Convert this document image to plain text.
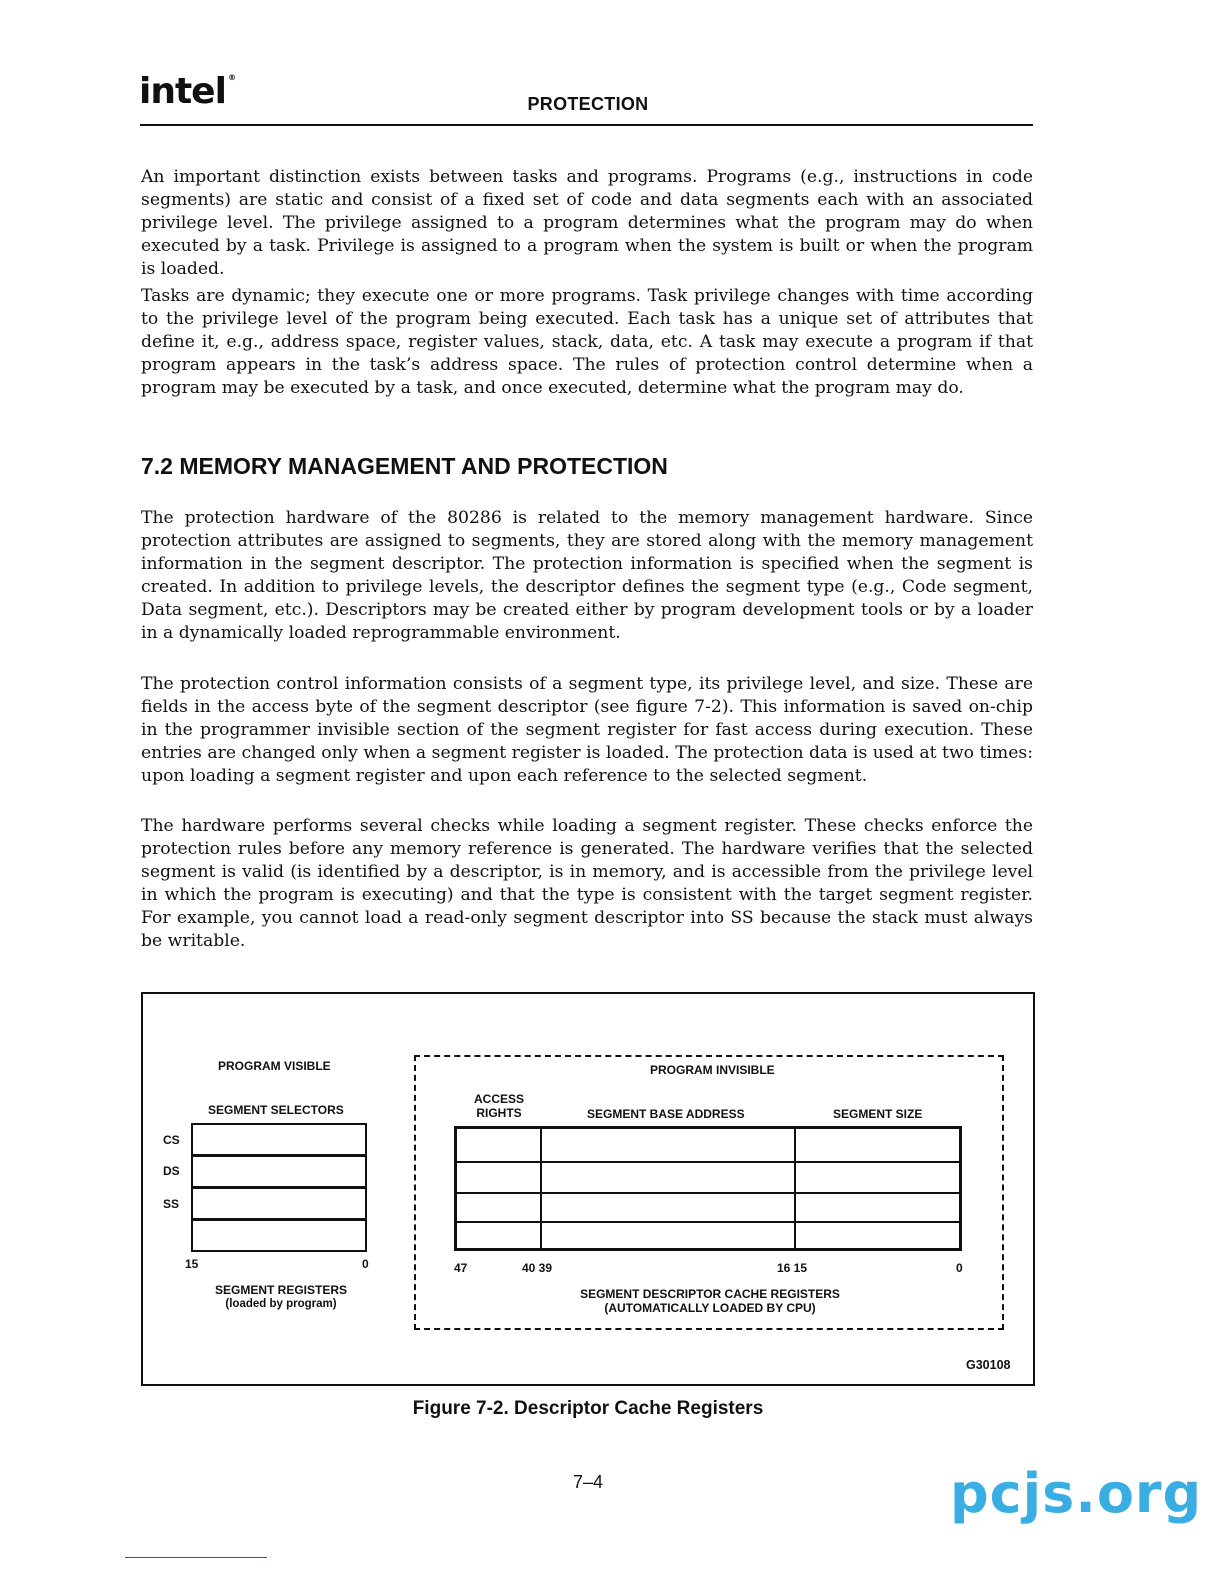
intel ®
PROTECTION

An important distinction exists between tasks and programs. Programs (e.g., instructions in code segments) are static and consist of a fixed set of code and data segments each with an associated privilege level. The privilege assigned to a program determines what the program may do when executed by a task. Privilege is assigned to a program when the system is built or when the program is loaded.

Tasks are dynamic; they execute one or more programs. Task privilege changes with time according to the privilege level of the program being executed. Each task has a unique set of attributes that define it, e.g., address space, register values, stack, data, etc. A task may execute a program if that program appears in the task’s address space. The rules of protection control determine when a program may be executed by a task, and once executed, determine what the program may do.

7.2 MEMORY MANAGEMENT AND PROTECTION

The protection hardware of the 80286 is related to the memory management hardware. Since protection attributes are assigned to segments, they are stored along with the memory management information in the segment descriptor. The protection information is specified when the segment is created. In addition to privilege levels, the descriptor defines the segment type (e.g., Code segment, Data segment, etc.). Descriptors may be created either by program development tools or by a loader in a dynamically loaded reprogrammable environment.

The protection control information consists of a segment type, its privilege level, and size. These are fields in the access byte of the segment descriptor (see figure 7-2). This information is saved on-chip in the programmer invisible section of the segment register for fast access during execution. These entries are changed only when a segment register is loaded. The protection data is used at two times: upon loading a segment register and upon each reference to the selected segment.

The hardware performs several checks while loading a segment register. These checks enforce the protection rules before any memory reference is generated. The hardware verifies that the selected segment is valid (is identified by a descriptor, is in memory, and is accessible from the privilege level in which the program is executing) and that the type is consistent with the target segment register. For example, you cannot load a read-only segment descriptor into SS because the stack must always be writable.

PROGRAM VISIBLE
SEGMENT SELECTORS
CS
DS
SS
15	0
SEGMENT REGISTERS
(loaded by program)
PROGRAM INVISIBLE
ACCESS
RIGHTS	SEGMENT BASE ADDRESS	SEGMENT SIZE
47	40 39	16 15	0
SEGMENT DESCRIPTOR CACHE REGISTERS
(AUTOMATICALLY LOADED BY CPU)
G30108
Figure 7-2. Descriptor Cache Registers
7–4	pcjs.org
